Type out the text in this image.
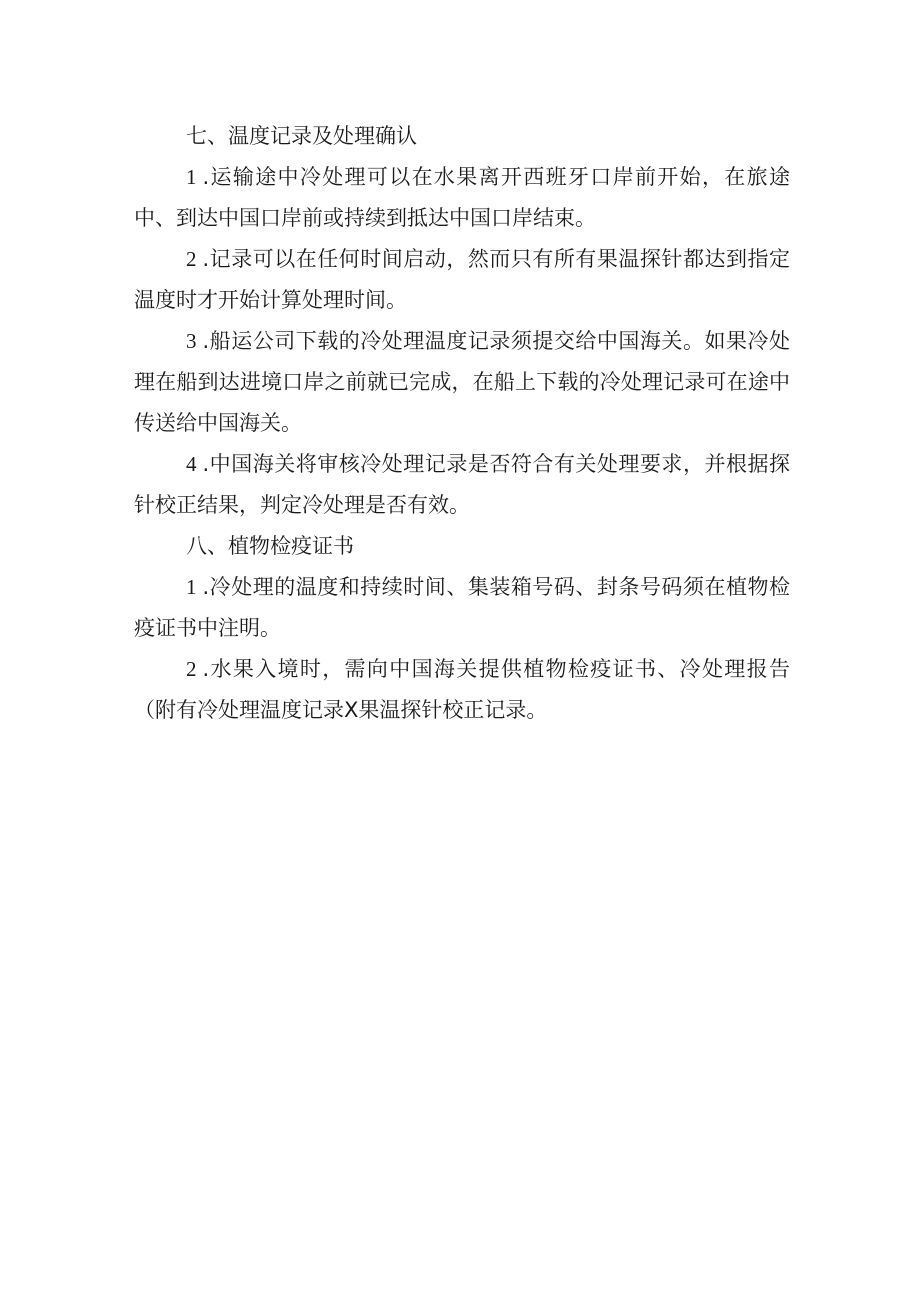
七、温度记录及处理确认

1 .运输途中冷处理可以在水果离开西班牙口岸前开始，在旅途中、到达中国口岸前或持续到抵达中国口岸结束。

2 .记录可以在任何时间启动，然而只有所有果温探针都达到指定温度时才开始计算处理时间。

3 .船运公司下载的冷处理温度记录须提交给中国海关。如果冷处理在船到达进境口岸之前就已完成，在船上下载的冷处理记录可在途中传送给中国海关。

4 .中国海关将审核冷处理记录是否符合有关处理要求，并根据探针校正结果，判定冷处理是否有效。

八、植物检疫证书

1 .冷处理的温度和持续时间、集装箱号码、封条号码须在植物检疫证书中注明。

2 .水果入境时，需向中国海关提供植物检疫证书、冷处理报告（附有冷处理温度记录X果温探针校正记录。
